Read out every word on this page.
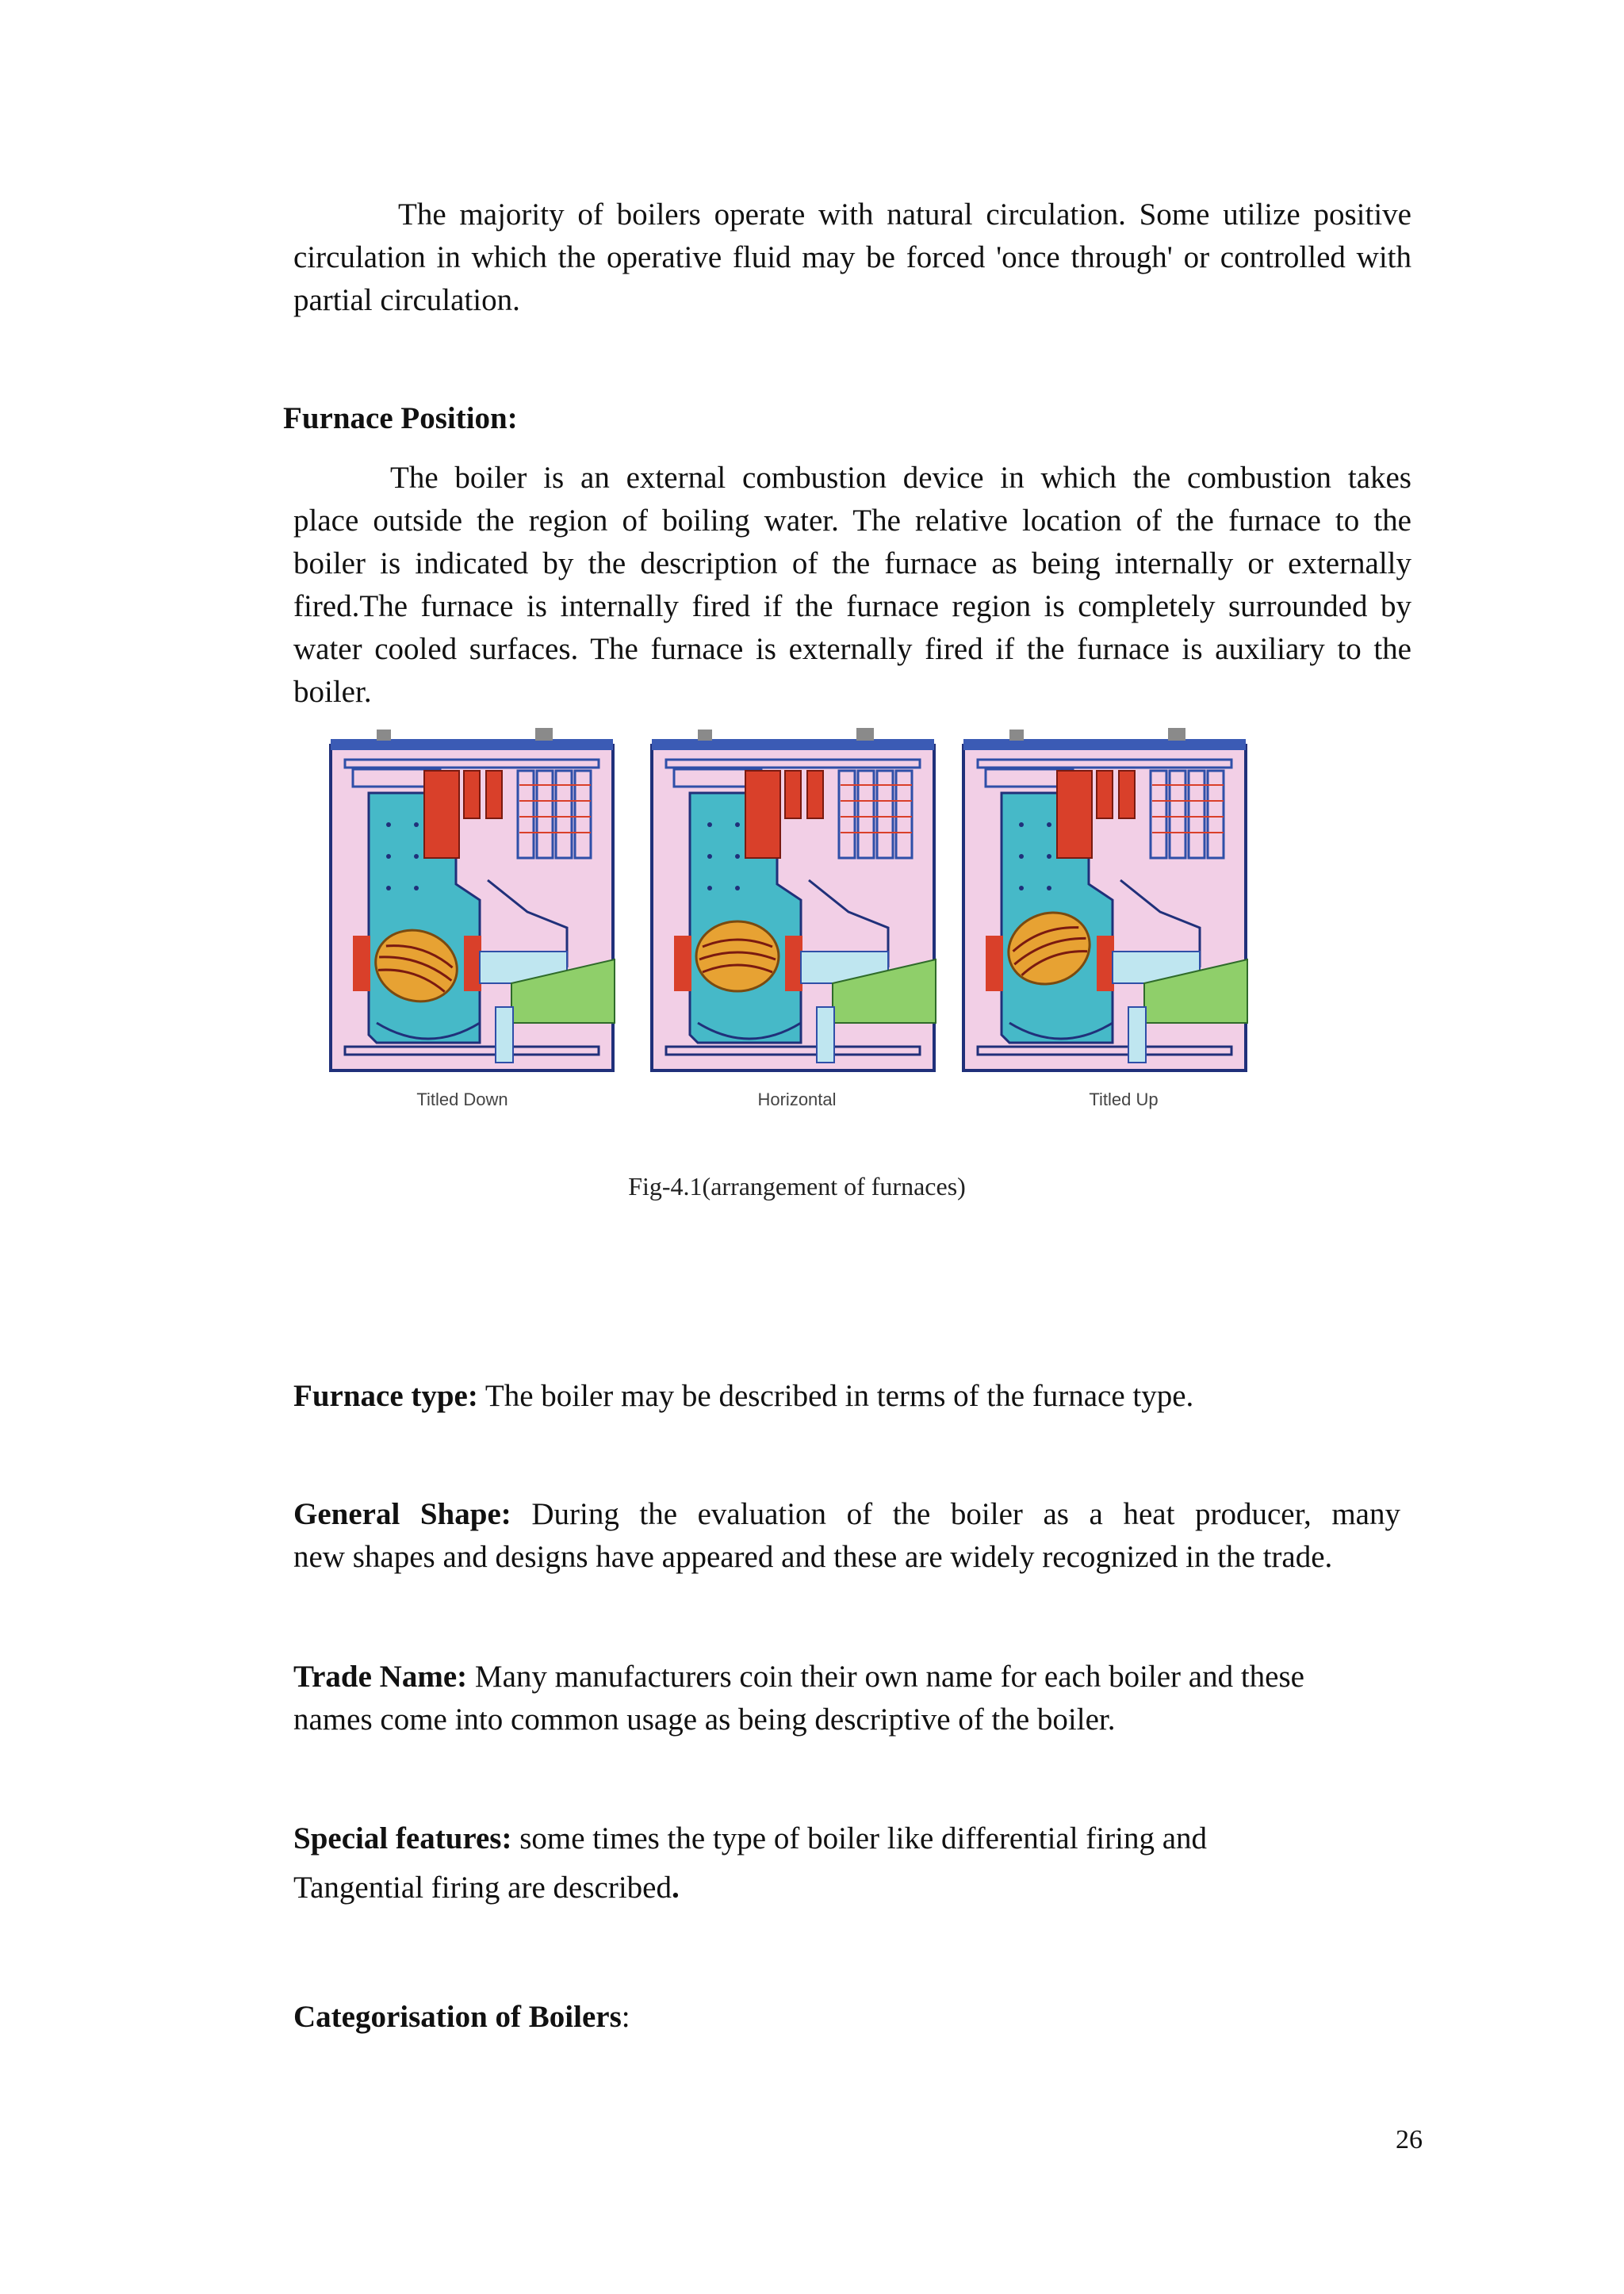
The majority of boilers operate with natural circulation. Some utilize positive

circulation in which the operative fluid may be forced 'once through' or controlled with

partial circulation.

Furnace Position:

The boiler is an external combustion device in which the combustion takes

place outside the region of boiling water. The relative location of the furnace to the

boiler is indicated by the description of the furnace as being internally or externally

fired.The furnace is internally fired if the furnace region is completely surrounded by

water cooled surfaces. The furnace is externally fired if the furnace is auxiliary to the

boiler.

Titled Down	Horizontal	Titled Up

Fig-4.1(arrangement of furnaces)

Furnace type: The boiler may be described in terms of the furnace type.

General Shape: During the evaluation of the boiler as a heat producer, many

new shapes and designs have appeared and these are widely recognized in the trade.

Trade Name: Many manufacturers coin their own name for each boiler and these

names come into common usage as being descriptive of the boiler.

Special features: some times the type of boiler like differential firing and

Tangential firing are described.

Categorisation of Boilers:

26
